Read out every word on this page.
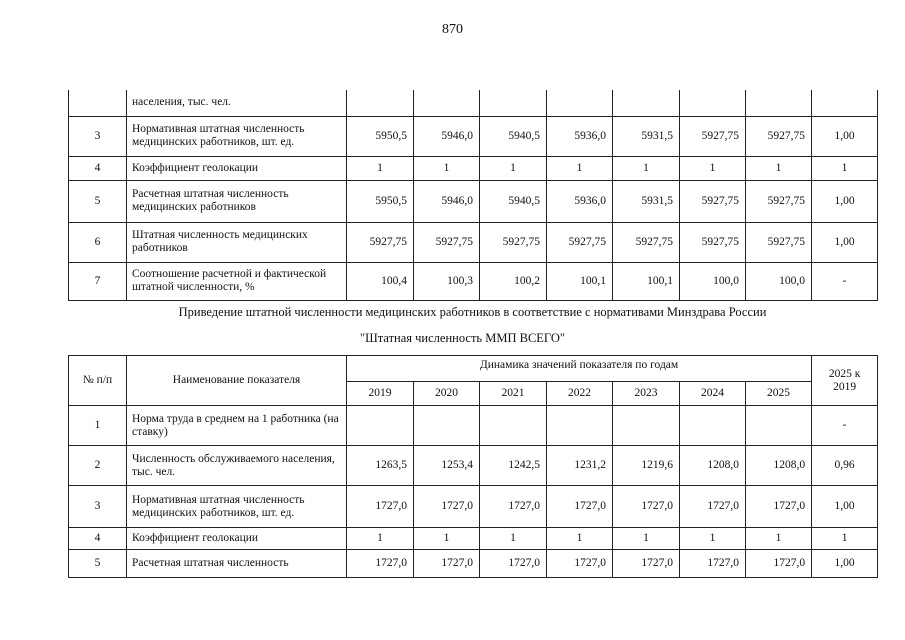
870
	населения, тыс. чел.								
3	Нормативная штатная численность медицинских работников, шт. ед.	5950,5	5946,0	5940,5	5936,0	5931,5	5927,75	5927,75	1,00
4	Коэффициент геолокации	1	1	1	1	1	1	1	1
5	Расчетная штатная численность медицинских работников	5950,5	5946,0	5940,5	5936,0	5931,5	5927,75	5927,75	1,00
6	Штатная численность медицинских работников	5927,75	5927,75	5927,75	5927,75	5927,75	5927,75	5927,75	1,00
7	Соотношение расчетной и фактической штатной численности, %	100,4	100,3	100,2	100,1	100,1	100,0	100,0	-
Приведение штатной численности медицинских работников в соответствие с нормативами Минздрава России
"Штатная численность ММП ВСЕГО"
№ п/п	Наименование показателя	Динамика значений показателя по годам							2025 к 2019
		2019	2020	2021	2022	2023	2024	2025	
1	Норма труда в среднем на 1 работника (на ставку)								-
2	Численность обслуживаемого населения, тыс. чел.	1263,5	1253,4	1242,5	1231,2	1219,6	1208,0	1208,0	0,96
3	Нормативная штатная численность медицинских работников, шт. ед.	1727,0	1727,0	1727,0	1727,0	1727,0	1727,0	1727,0	1,00
4	Коэффициент геолокации	1	1	1	1	1	1	1	1
5	Расчетная штатная численность	1727,0	1727,0	1727,0	1727,0	1727,0	1727,0	1727,0	1,00
